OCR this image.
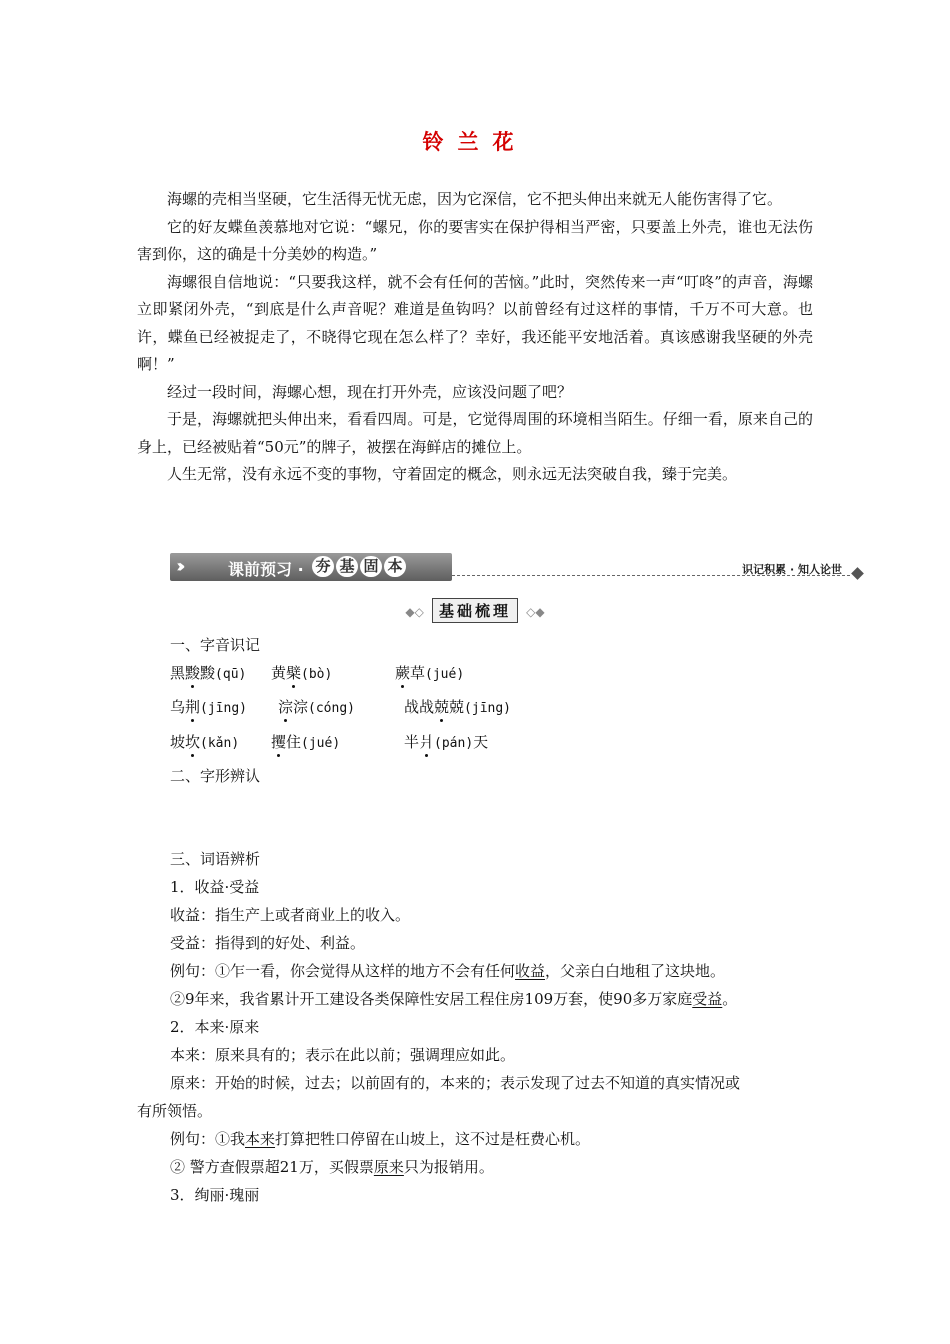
铃兰花

海螺的壳相当坚硬，它生活得无忧无虑，因为它深信，它不把头伸出来就无人能伤害得了它。

它的好友蝶鱼羡慕地对它说：“螺兄，你的要害实在保护得相当严密，只要盖上外壳，谁也无法伤害到你，这的确是十分美妙的构造。”

海螺很自信地说：“只要我这样，就不会有任何的苦恼。”此时，突然传来一声“叮咚”的声音，海螺立即紧闭外壳，“到底是什么声音呢？难道是鱼钩吗？以前曾经有过这样的事情，千万不可大意。也许，蝶鱼已经被捉走了，不晓得它现在怎么样了？幸好，我还能平安地活着。真该感谢我坚硬的外壳啊！”

经过一段时间，海螺心想，现在打开外壳，应该没问题了吧？

于是，海螺就把头伸出来，看看四周。可是，它觉得周围的环境相当陌生。仔细一看，原来自己的身上，已经被贴着“50元”的牌子，被摆在海鲜店的摊位上。

人生无常，没有永远不变的事物，守着固定的概念，则永远无法突破自我，臻于完美。

›››	课前预习 · 夯 基 固 本	识记积累 · 知人论世
◆◇ 基础梳理 ◇◆
一、字音识记
黑黢黢(qū) 黄檗(bò)	蕨草(jué)
乌荆(jīng) 淙淙(cóng)	战战兢兢(jīng)
坡坎(kǎn) 攫住(jué)	半爿(pán)天
二、字形辨认
三、词语辨析
1．收益·受益
收益：指生产上或者商业上的收入。
受益：指得到的好处、利益。
例句：①乍一看，你会觉得从这样的地方不会有任何收益，父亲白白地租了这块地。
②9年来，我省累计开工建设各类保障性安居工程住房109万套，使90多万家庭受益。
2．本来·原来
本来：原来具有的；表示在此以前；强调理应如此。
原来：开始的时候，过去；以前固有的，本来的；表示发现了过去不知道的真实情况或
有所领悟。
例句：①我本来打算把牲口停留在山坡上，这不过是枉费心机。
② 警方查假票超21万，买假票原来只为报销用。
3．绚丽·瑰丽
